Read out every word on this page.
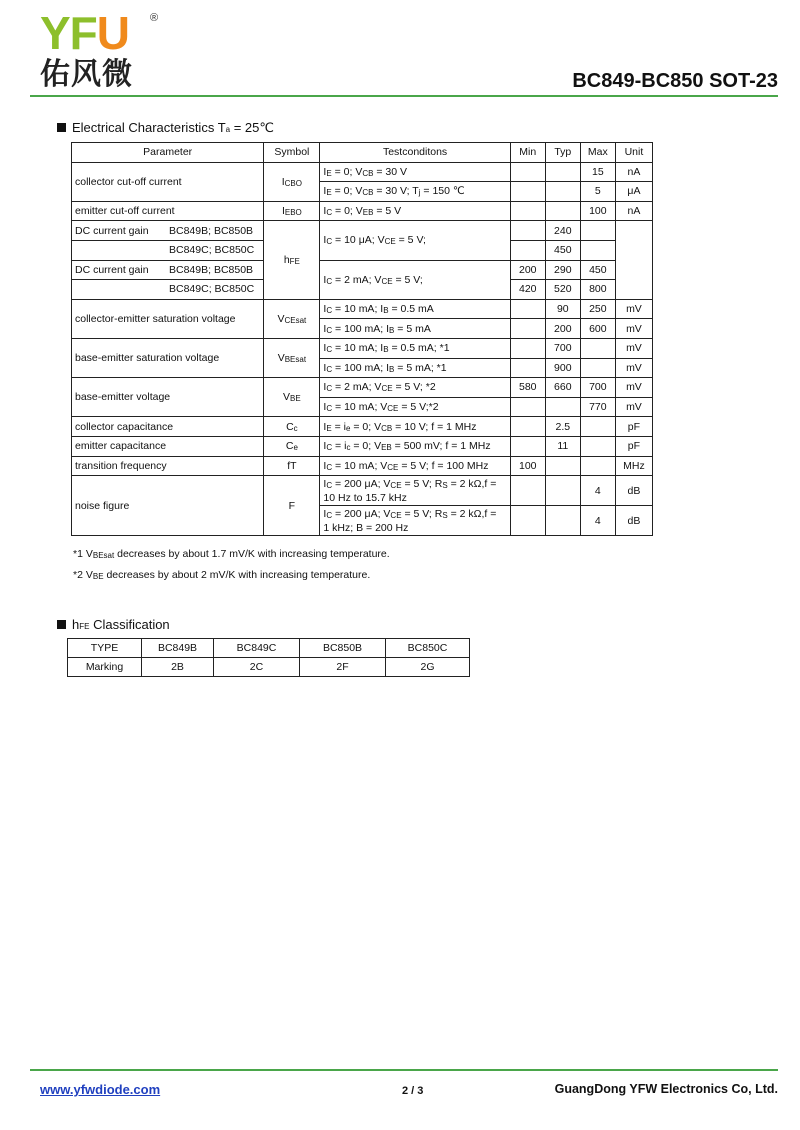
YFU ®
佑风微	BC849-BC850 SOT-23
Electrical Characteristics Ta = 25℃
Parameter	Symbol	Testconditons	Min	Typ	Max	Unit
collector cut-off current	ICBO	IE = 0; VCB = 30 V			15	nA
		IE = 0; VCB = 30 V; Tj = 150 ℃			5	μA
emitter cut-off current	IEBO	IC = 0; VEB = 5 V			100	nA
DC current gain BC849B; BC850B	hFE	IC = 10 μA; VCE = 5 V;		240		
BC849C; BC850C				450		
DC current gain BC849B; BC850B		IC = 2 mA; VCE = 5 V;	200	290	450	
BC849C; BC850C			420	520	800	
collector-emitter saturation voltage	VCEsat	IC = 10 mA; IB = 0.5 mA		90	250	mV
		IC = 100 mA; IB = 5 mA		200	600	mV
base-emitter saturation voltage	VBEsat	IC = 10 mA; IB = 0.5 mA; *1		700		mV
		IC = 100 mA; IB = 5 mA; *1		900		mV
base-emitter voltage	VBE	IC = 2 mA; VCE = 5 V; *2	580	660	700	mV
		IC = 10 mA; VCE = 5 V;*2			770	mV
collector capacitance	Cc	IE = ie = 0; VCB = 10 V; f = 1 MHz		2.5		pF
emitter capacitance	Ce	IC = ic = 0; VEB = 500 mV; f = 1 MHz		11		pF
transition frequency	fT	IC = 10 mA; VCE = 5 V; f = 100 MHz	100			MHz
noise figure	F	IC = 200 μA; VCE = 5 V; RS = 2 kΩ,f =
10 Hz to 15.7 kHz			4	dB
		IC = 200 μA; VCE = 5 V; RS = 2 kΩ,f =
1 kHz; B = 200 Hz			4	dB
*1 VBEsat decreases by about 1.7 mV/K with increasing temperature.
*2 VBE decreases by about 2 mV/K with increasing temperature.
hFE Classification
TYPE	BC849B	BC849C	BC850B	BC850C
Marking	2B	2C	2F	2G
www.yfwdiode.com	2 / 3	GuangDong YFW Electronics Co, Ltd.
